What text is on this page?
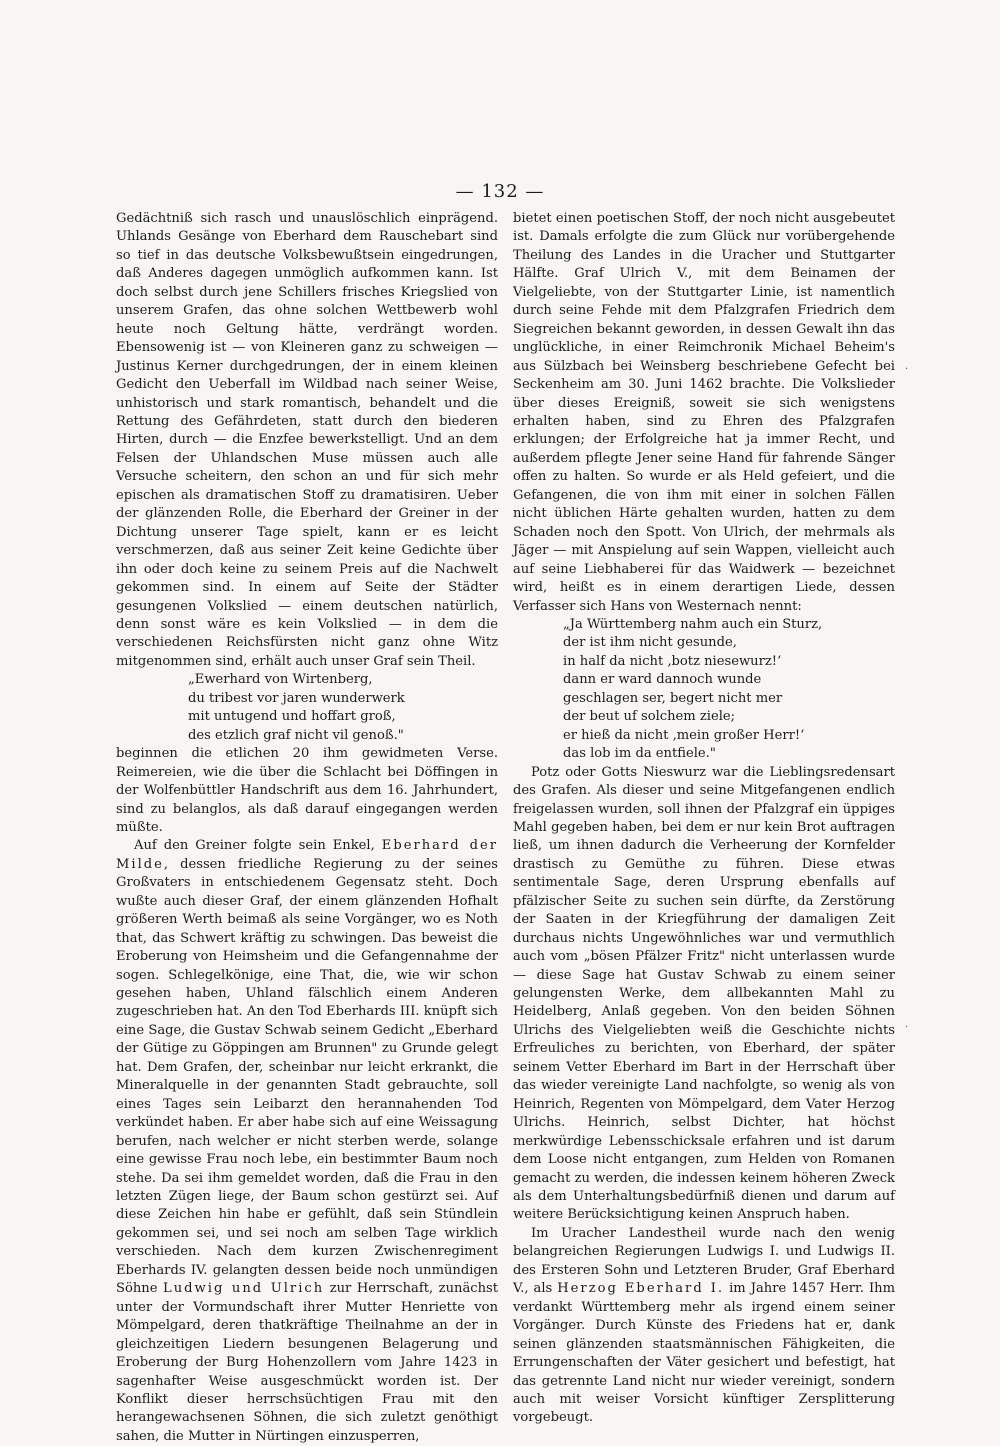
— 132 —

Gedächtniß sich rasch und unauslöschlich einprägend. Uhlands Gesänge von Eberhard dem Rauschebart sind so tief in das deutsche Volksbewußtsein eingedrungen, daß Anderes dagegen unmöglich aufkommen kann. Ist doch selbst durch jene Schillers frisches Kriegslied von unserem Grafen, das ohne solchen Wettbewerb wohl heute noch Geltung hätte, verdrängt worden. Ebensowenig ist — von Kleineren ganz zu schweigen — Justinus Kerner durchgedrungen, der in einem kleinen Gedicht den Ueberfall im Wildbad nach seiner Weise, unhistorisch und stark romantisch, behandelt und die Rettung des Gefährdeten, statt durch den biederen Hirten, durch — die Enzfee bewerkstelligt. Und an dem Felsen der Uhlandschen Muse müssen auch alle Versuche scheitern, den schon an und für sich mehr epischen als dramatischen Stoff zu dramatisiren. Ueber der glänzenden Rolle, die Eberhard der Greiner in der Dichtung unserer Tage spielt, kann er es leicht verschmerzen, daß aus seiner Zeit keine Gedichte über ihn oder doch keine zu seinem Preis auf die Nachwelt gekommen sind. In einem auf Seite der Städter gesungenen Volkslied — einem deutschen natürlich, denn sonst wäre es kein Volkslied — in dem die verschiedenen Reichsfürsten nicht ganz ohne Witz mitgenommen sind, erhält auch unser Graf sein Theil.

„Ewerhard von Wirtenberg,
du tribest vor jaren wunderwerk
mit untugend und hoffart groß,
des etzlich graf nicht vil genoß."

beginnen die etlichen 20 ihm gewidmeten Verse. Reimereien, wie die über die Schlacht bei Döffingen in der Wolfenbüttler Handschrift aus dem 16. Jahrhundert, sind zu belanglos, als daß darauf eingegangen werden müßte.

Auf den Greiner folgte sein Enkel, Eberhard der Milde, dessen friedliche Regierung zu der seines Großvaters in entschiedenem Gegensatz steht. Doch wußte auch dieser Graf, der einem glänzenden Hofhalt größeren Werth beimaß als seine Vorgänger, wo es Noth that, das Schwert kräftig zu schwingen. Das beweist die Eroberung von Heimsheim und die Gefangennahme der sogen. Schlegelkönige, eine That, die, wie wir schon gesehen haben, Uhland fälschlich einem Anderen zugeschrieben hat. An den Tod Eberhards III. knüpft sich eine Sage, die Gustav Schwab seinem Gedicht „Eberhard der Gütige zu Göppingen am Brunnen" zu Grunde gelegt hat. Dem Grafen, der, scheinbar nur leicht erkrankt, die Mineralquelle in der genannten Stadt gebrauchte, soll eines Tages sein Leibarzt den herannahenden Tod verkündet haben. Er aber habe sich auf eine Weissagung berufen, nach welcher er nicht sterben werde, solange eine gewisse Frau noch lebe, ein bestimmter Baum noch stehe. Da sei ihm gemeldet worden, daß die Frau in den letzten Zügen liege, der Baum schon gestürzt sei. Auf diese Zeichen hin habe er gefühlt, daß sein Stündlein gekommen sei, und sei noch am selben Tage wirklich verschieden. Nach dem kurzen Zwischenregiment Eberhards IV. gelangten dessen beide noch unmündigen Söhne Ludwig und Ulrich zur Herrschaft, zunächst unter der Vormundschaft ihrer Mutter Henriette von Mömpelgard, deren thatkräftige Theilnahme an der in gleichzeitigen Liedern besungenen Belagerung und Eroberung der Burg Hohenzollern vom Jahre 1423 in sagenhafter Weise ausgeschmückt worden ist. Der Konflikt dieser herrschsüchtigen Frau mit den herangewachsenen Söhnen, die sich zuletzt genöthigt sahen, die Mutter in Nürtingen einzusperren,

bietet einen poetischen Stoff, der noch nicht ausgebeutet ist. Damals erfolgte die zum Glück nur vorübergehende Theilung des Landes in die Uracher und Stuttgarter Hälfte. Graf Ulrich V., mit dem Beinamen der Vielgeliebte, von der Stuttgarter Linie, ist namentlich durch seine Fehde mit dem Pfalzgrafen Friedrich dem Siegreichen bekannt geworden, in dessen Gewalt ihn das unglückliche, in einer Reimchronik Michael Beheim's aus Sülzbach bei Weinsberg beschriebene Gefecht bei Seckenheim am 30. Juni 1462 brachte. Die Volkslieder über dieses Ereigniß, soweit sie sich wenigstens erhalten haben, sind zu Ehren des Pfalzgrafen erklungen; der Erfolgreiche hat ja immer Recht, und außerdem pflegte Jener seine Hand für fahrende Sänger offen zu halten. So wurde er als Held gefeiert, und die Gefangenen, die von ihm mit einer in solchen Fällen nicht üblichen Härte gehalten wurden, hatten zu dem Schaden noch den Spott. Von Ulrich, der mehrmals als Jäger — mit Anspielung auf sein Wappen, vielleicht auch auf seine Liebhaberei für das Waidwerk — bezeichnet wird, heißt es in einem derartigen Liede, dessen Verfasser sich Hans von Westernach nennt:

„Ja Württemberg nahm auch ein Sturz,
der ist ihm nicht gesunde,
in half da nicht ‚botz niesewurz!‘
dann er ward dannoch wunde
geschlagen ser, begert nicht mer
der beut uf solchem ziele;
er hieß da nicht ‚mein großer Herr!‘
das lob im da entfiele."

Potz oder Gotts Nieswurz war die Lieblingsredensart des Grafen. Als dieser und seine Mitgefangenen endlich freigelassen wurden, soll ihnen der Pfalzgraf ein üppiges Mahl gegeben haben, bei dem er nur kein Brot auftragen ließ, um ihnen dadurch die Verheerung der Kornfelder drastisch zu Gemüthe zu führen. Diese etwas sentimentale Sage, deren Ursprung ebenfalls auf pfälzischer Seite zu suchen sein dürfte, da Zerstörung der Saaten in der Kriegführung der damaligen Zeit durchaus nichts Ungewöhnliches war und vermuthlich auch vom „bösen Pfälzer Fritz" nicht unterlassen wurde — diese Sage hat Gustav Schwab zu einem seiner gelungensten Werke, dem allbekannten Mahl zu Heidelberg, Anlaß gegeben. Von den beiden Söhnen Ulrichs des Vielgeliebten weiß die Geschichte nichts Erfreuliches zu berichten, von Eberhard, der später seinem Vetter Eberhard im Bart in der Herrschaft über das wieder vereinigte Land nachfolgte, so wenig als von Heinrich, Regenten von Mömpelgard, dem Vater Herzog Ulrichs. Heinrich, selbst Dichter, hat höchst merkwürdige Lebensschicksale erfahren und ist darum dem Loose nicht entgangen, zum Helden von Romanen gemacht zu werden, die indessen keinem höheren Zweck als dem Unterhaltungsbedürfniß dienen und darum auf weitere Berücksichtigung keinen Anspruch haben.

Im Uracher Landestheil wurde nach den wenig belangreichen Regierungen Ludwigs I. und Ludwigs II. des Ersteren Sohn und Letzteren Bruder, Graf Eberhard V., als Herzog Eberhard I. im Jahre 1457 Herr. Ihm verdankt Württemberg mehr als irgend einem seiner Vorgänger. Durch Künste des Friedens hat er, dank seinen glänzenden staatsmännischen Fähigkeiten, die Errungenschaften der Väter gesichert und befestigt, hat das getrennte Land nicht nur wieder vereinigt, sondern auch mit weiser Vorsicht künftiger Zersplitterung vorgebeugt.

·
·
